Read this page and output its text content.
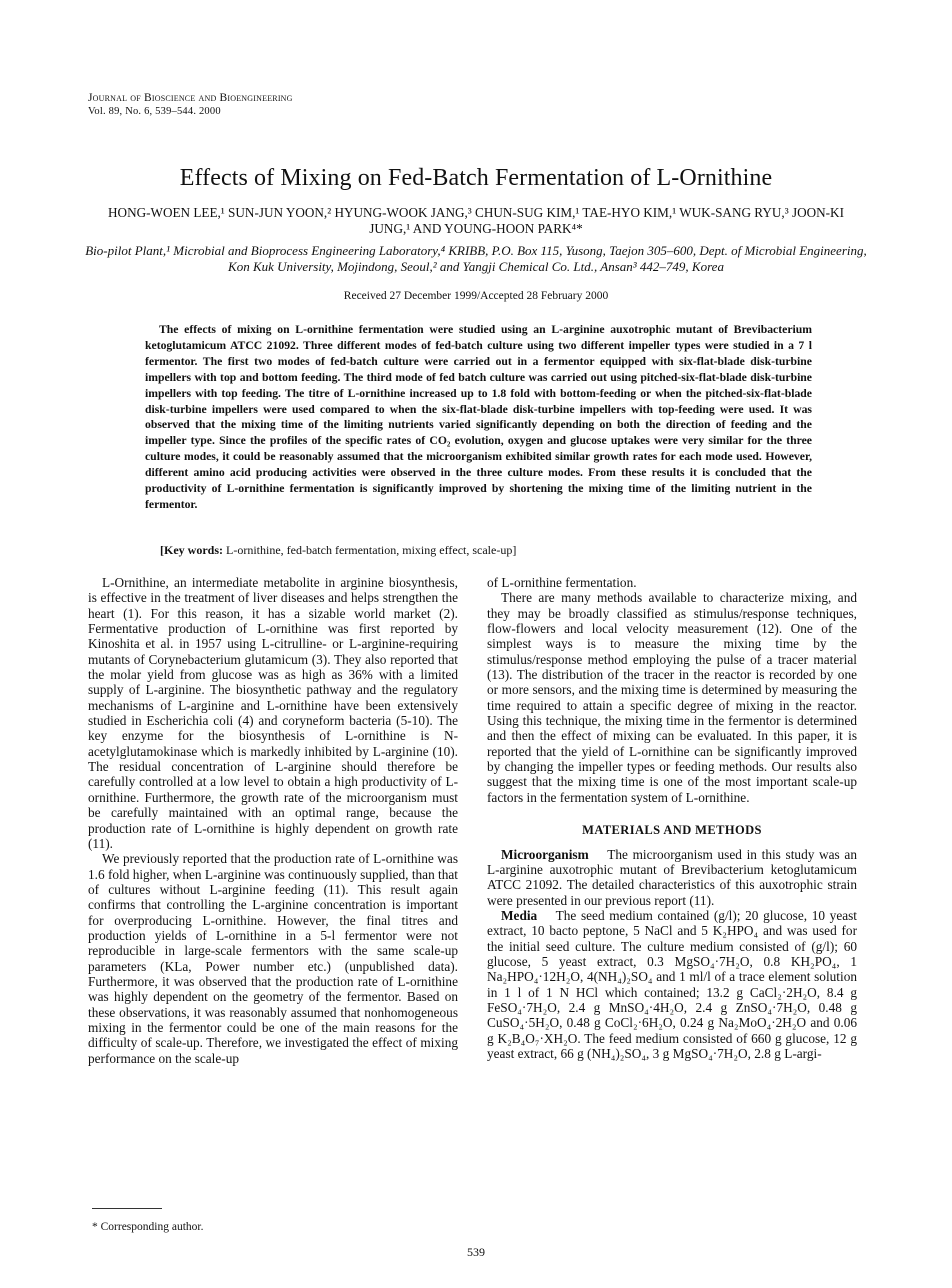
Journal of Bioscience and Bioengineering
Vol. 89, No. 6, 539–544. 2000
Effects of Mixing on Fed-Batch Fermentation of L-Ornithine
HONG-WOEN LEE,¹ SUN-JUN YOON,² HYUNG-WOOK JANG,³ CHUN-SUG KIM,¹ TAE-HYO KIM,¹ WUK-SANG RYU,³ JOON-KI JUNG,¹ AND YOUNG-HOON PARK⁴*
Bio-pilot Plant,¹ Microbial and Bioprocess Engineering Laboratory,⁴ KRIBB, P.O. Box 115, Yusong, Taejon 305–600, Dept. of Microbial Engineering, Kon Kuk University, Mojindong, Seoul,² and Yangji Chemical Co. Ltd., Ansan³ 442–749, Korea
Received 27 December 1999/Accepted 28 February 2000
The effects of mixing on L-ornithine fermentation were studied using an L-arginine auxotrophic mutant of Brevibacterium ketoglutamicum ATCC 21092. Three different modes of fed-batch culture using two different impeller types were studied in a 7 l fermentor. The first two modes of fed-batch culture were carried out in a fermentor equipped with six-flat-blade disk-turbine impellers with top and bottom feeding. The third mode of fed batch culture was carried out using pitched-six-flat-blade disk-turbine impellers with top feeding. The titre of L-ornithine increased up to 1.8 fold with bottom-feeding or when the pitched-six-flat-blade disk-turbine impellers were used compared to when the six-flat-blade disk-turbine impellers with top-feeding were used. It was observed that the mixing time of the limiting nutrients varied significantly depending on both the direction of feeding and the impeller type. Since the profiles of the specific rates of CO₂ evolution, oxygen and glucose uptakes were very similar for the three culture modes, it could be reasonably assumed that the microorganism exhibited similar growth rates for each mode used. However, different amino acid producing activities were observed in the three culture modes. From these results it is concluded that the productivity of L-ornithine fermentation is significantly improved by shortening the mixing time of the limiting nutrient in the fermentor.
[Key words: L-ornithine, fed-batch fermentation, mixing effect, scale-up]

L-Ornithine, an intermediate metabolite in arginine biosynthesis, is effective in the treatment of liver diseases and helps strengthen the heart (1). For this reason, it has a sizable world market (2). Fermentative production of L-ornithine was first reported by Kinoshita et al. in 1957 using L-citrulline- or L-arginine-requiring mutants of Corynebacterium glutamicum (3). They also reported that the molar yield from glucose was as high as 36% with a limited supply of L-arginine. The biosynthetic pathway and the regulatory mechanisms of L-arginine and L-ornithine have been extensively studied in Escherichia coli (4) and coryneform bacteria (5-10). The key enzyme for the biosynthesis of L-ornithine is N-acetylglutamokinase which is markedly inhibited by L-arginine (10). The residual concentration of L-arginine should therefore be carefully controlled at a low level to obtain a high productivity of L-ornithine. Furthermore, the growth rate of the microorganism must be carefully maintained with an optimal range, because the production rate of L-ornithine is highly dependent on growth rate (11).

We previously reported that the production rate of L-ornithine was 1.6 fold higher, when L-arginine was continuously supplied, than that of cultures without L-arginine feeding (11). This result again confirms that controlling the L-arginine concentration is important for overproducing L-ornithine. However, the final titres and production yields of L-ornithine in a 5-l fermentor were not reproducible in large-scale fermentors with the same scale-up parameters (KLa, Power number etc.) (unpublished data). Furthermore, it was observed that the production rate of L-ornithine was highly dependent on the geometry of the fermentor. Based on these observations, it was reasonably assumed that nonhomogeneous mixing in the fermentor could be one of the main reasons for the difficulty of scale-up. Therefore, we investigated the effect of mixing performance on the scale-up

of L-ornithine fermentation.

There are many methods available to characterize mixing, and they may be broadly classified as stimulus/response techniques, flow-flowers and local velocity measurement (12). One of the simplest ways is to measure the mixing time by the stimulus/response method employing the pulse of a tracer material (13). The distribution of the tracer in the reactor is recorded by one or more sensors, and the mixing time is determined by measuring the time required to attain a specific degree of mixing in the reactor. Using this technique, the mixing time in the fermentor is determined and then the effect of mixing can be evaluated. In this paper, it is reported that the yield of L-ornithine can be significantly improved by changing the impeller types or feeding methods. Our results also suggest that the mixing time is one of the most important scale-up factors in the fermentation system of L-ornithine.

MATERIALS AND METHODS

Microorganism The microorganism used in this study was an L-arginine auxotrophic mutant of Brevibacterium ketoglutamicum ATCC 21092. The detailed characteristics of this auxotrophic strain were presented in our previous report (11).

Media The seed medium contained (g/l); 20 glucose, 10 yeast extract, 10 bacto peptone, 5 NaCl and 5 K₂HPO₄ and was used for the initial seed culture. The culture medium consisted of (g/l); 60 glucose, 5 yeast extract, 0.3 MgSO₄·7H₂O, 0.8 KH₂PO₄, 1 Na₂HPO₄·12H₂O, 4(NH₄)₂SO₄ and 1 ml/l of a trace element solution in 1 l of 1 N HCl which contained; 13.2 g CaCl₂·2H₂O, 8.4 g FeSO₄·7H₂O, 2.4 g MnSO₄·4H₂O, 2.4 g ZnSO₄·7H₂O, 0.48 g CuSO₄·5H₂O, 0.48 g CoCl₂·6H₂O, 0.24 g Na₂MoO₄·2H₂O and 0.06 g K₂B₄O₇·XH₂O. The feed medium consisted of 660 g glucose, 12 g yeast extract, 66 g (NH₄)₂SO₄, 3 g MgSO₄·7H₂O, 2.8 g L-argi-

* Corresponding author.
539
